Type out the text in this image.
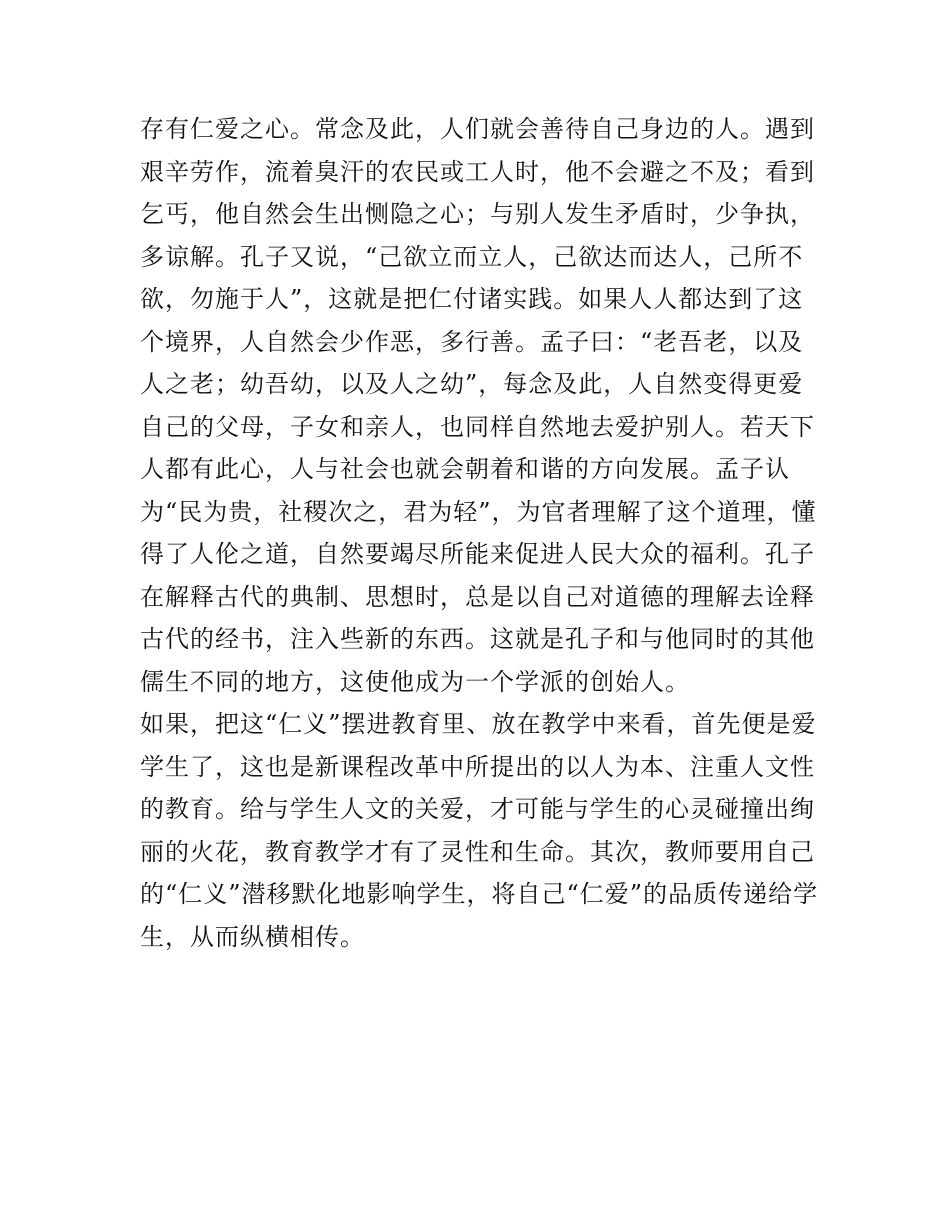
存有仁爱之心。常念及此，人们就会善待自己身边的人。遇到
艰辛劳作，流着臭汗的农民或工人时，他不会避之不及；看到
乞丐，他自然会生出恻隐之心；与别人发生矛盾时，少争执，
多谅解。孔子又说，“己欲立而立人，己欲达而达人，己所不
欲，勿施于人”，这就是把仁付诸实践。如果人人都达到了这
个境界，人自然会少作恶，多行善。孟子曰：“老吾老，以及
人之老；幼吾幼，以及人之幼”，每念及此，人自然变得更爱
自己的父母，子女和亲人，也同样自然地去爱护别人。若天下
人都有此心，人与社会也就会朝着和谐的方向发展。孟子认
为“民为贵，社稷次之，君为轻”，为官者理解了这个道理，懂
得了人伦之道，自然要竭尽所能来促进人民大众的福利。孔子
在解释古代的典制、思想时，总是以自己对道德的理解去诠释
古代的经书，注入些新的东西。这就是孔子和与他同时的其他
儒生不同的地方，这使他成为一个学派的创始人。
如果，把这“仁义”摆进教育里、放在教学中来看，首先便是爱
学生了，这也是新课程改革中所提出的以人为本、注重人文性
的教育。给与学生人文的关爱，才可能与学生的心灵碰撞出绚
丽的火花，教育教学才有了灵性和生命。其次，教师要用自己
的“仁义”潜移默化地影响学生，将自己“仁爱”的品质传递给学
生，从而纵横相传。
